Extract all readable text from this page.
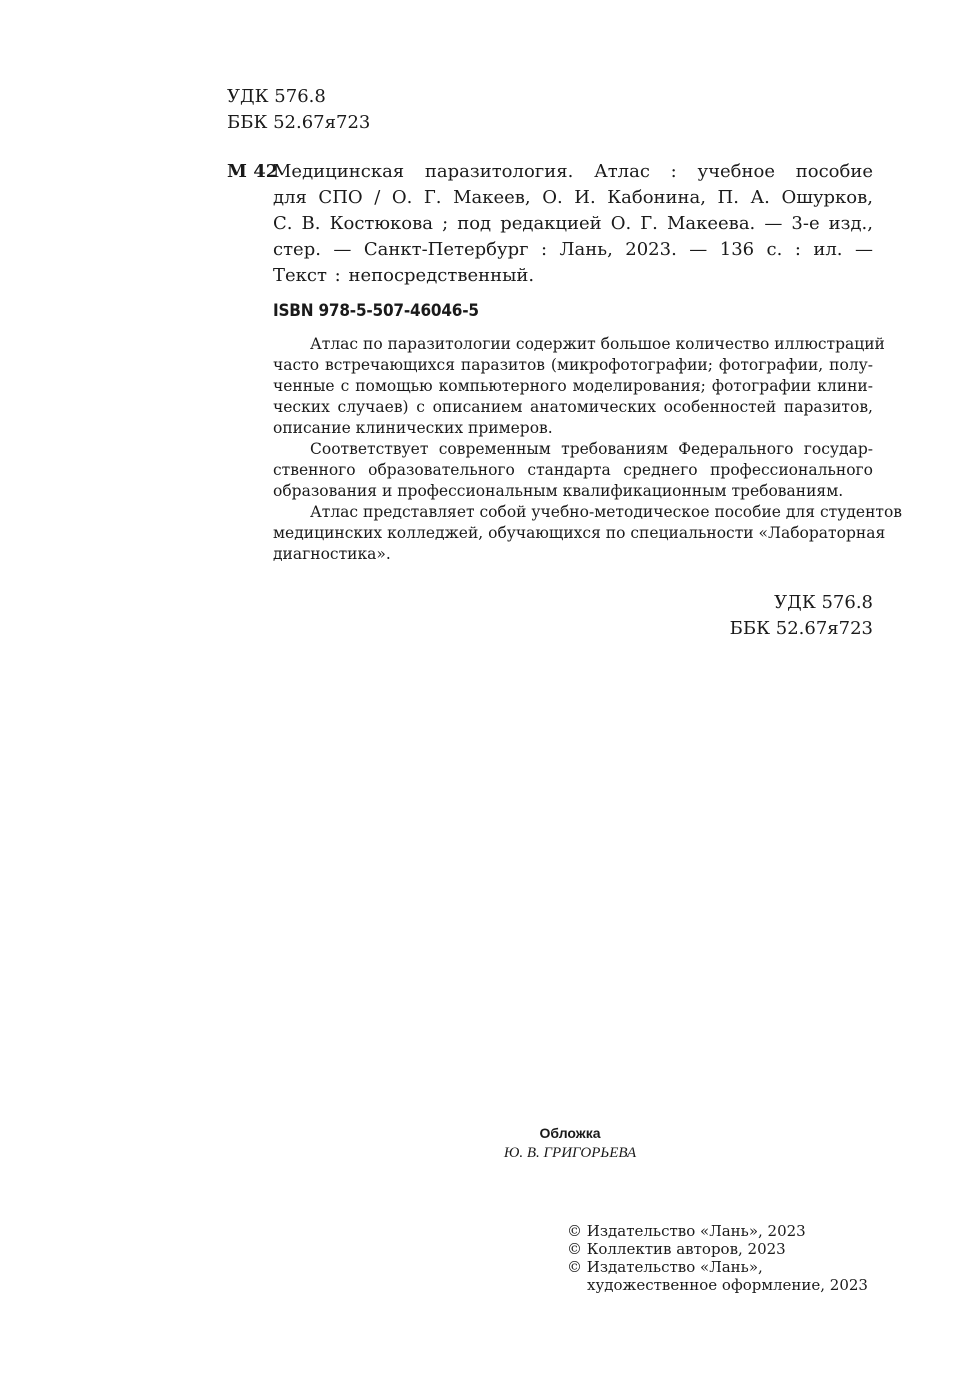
УДК 576.8
ББК 52.67я723
М 42
Медицинская паразитология. Атлас : учебное пособие
для СПО / О. Г. Макеев, О. И. Кабонина, П. А. Ошурков,
С. В. Костюкова ; под редакцией О. Г. Макеева. — 3-е изд.,
стер. — Санкт-Петербург : Лань, 2023. — 136 с. : ил. —
Текст : непосредственный.
ISBN 978-5-507-46046-5
Атлас по паразитологии содержит большое количество иллюстраций
часто встречающихся паразитов (микрофотографии; фотографии, полу-
ченные с помощью компьютерного моделирования; фотографии клини-
ческих случаев) с описанием анатомических особенностей паразитов,
описание клинических примеров.
Соответствует современным требованиям Федерального государ-
ственного образовательного стандарта среднего профессионального
образования и профессиональным квалификационным требованиям.
Атлас представляет собой учебно-методическое пособие для студентов
медицинских колледжей, обучающихся по специальности «Лабораторная
диагностика».
УДК 576.8
ББК 52.67я723
Обложка
Ю. В. ГРИГОРЬЕВА
© Издательство «Лань», 2023
© Коллектив авторов, 2023
© Издательство «Лань»,
художественное оформление, 2023
